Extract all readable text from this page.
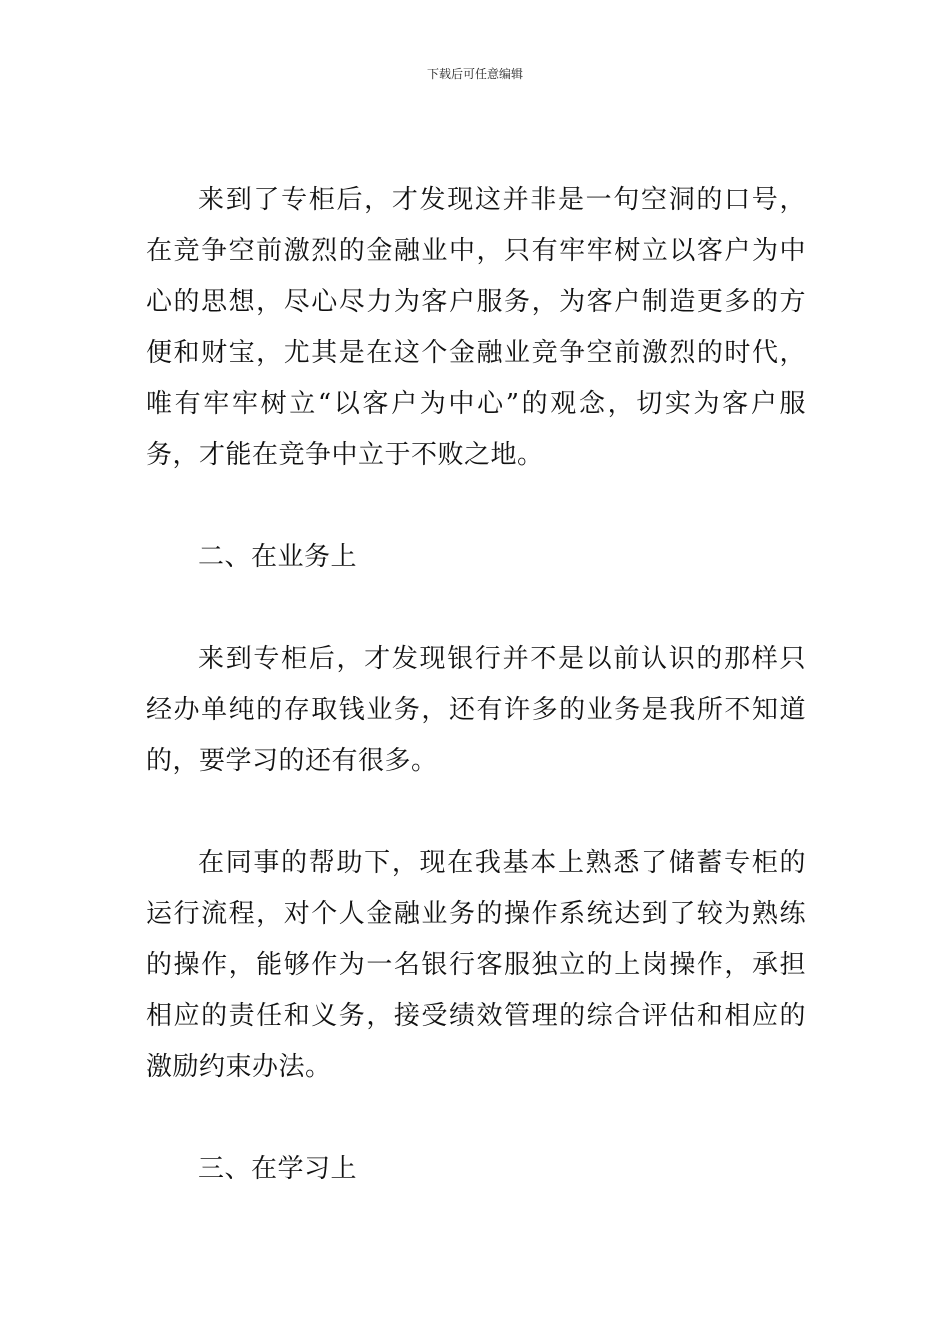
下载后可任意编辑

来到了专柜后，才发现这并非是一句空洞的口号，在竞争空前激烈的金融业中，只有牢牢树立以客户为中心的思想，尽心尽力为客户服务，为客户制造更多的方便和财宝，尤其是在这个金融业竞争空前激烈的时代，唯有牢牢树立“以客户为中心”的观念，切实为客户服务，才能在竞争中立于不败之地。

二、在业务上

来到专柜后，才发现银行并不是以前认识的那样只经办单纯的存取钱业务，还有许多的业务是我所不知道的，要学习的还有很多。

在同事的帮助下，现在我基本上熟悉了储蓄专柜的运行流程，对个人金融业务的操作系统达到了较为熟练的操作，能够作为一名银行客服独立的上岗操作，承担相应的责任和义务，接受绩效管理的综合评估和相应的激励约束办法。

三、在学习上
